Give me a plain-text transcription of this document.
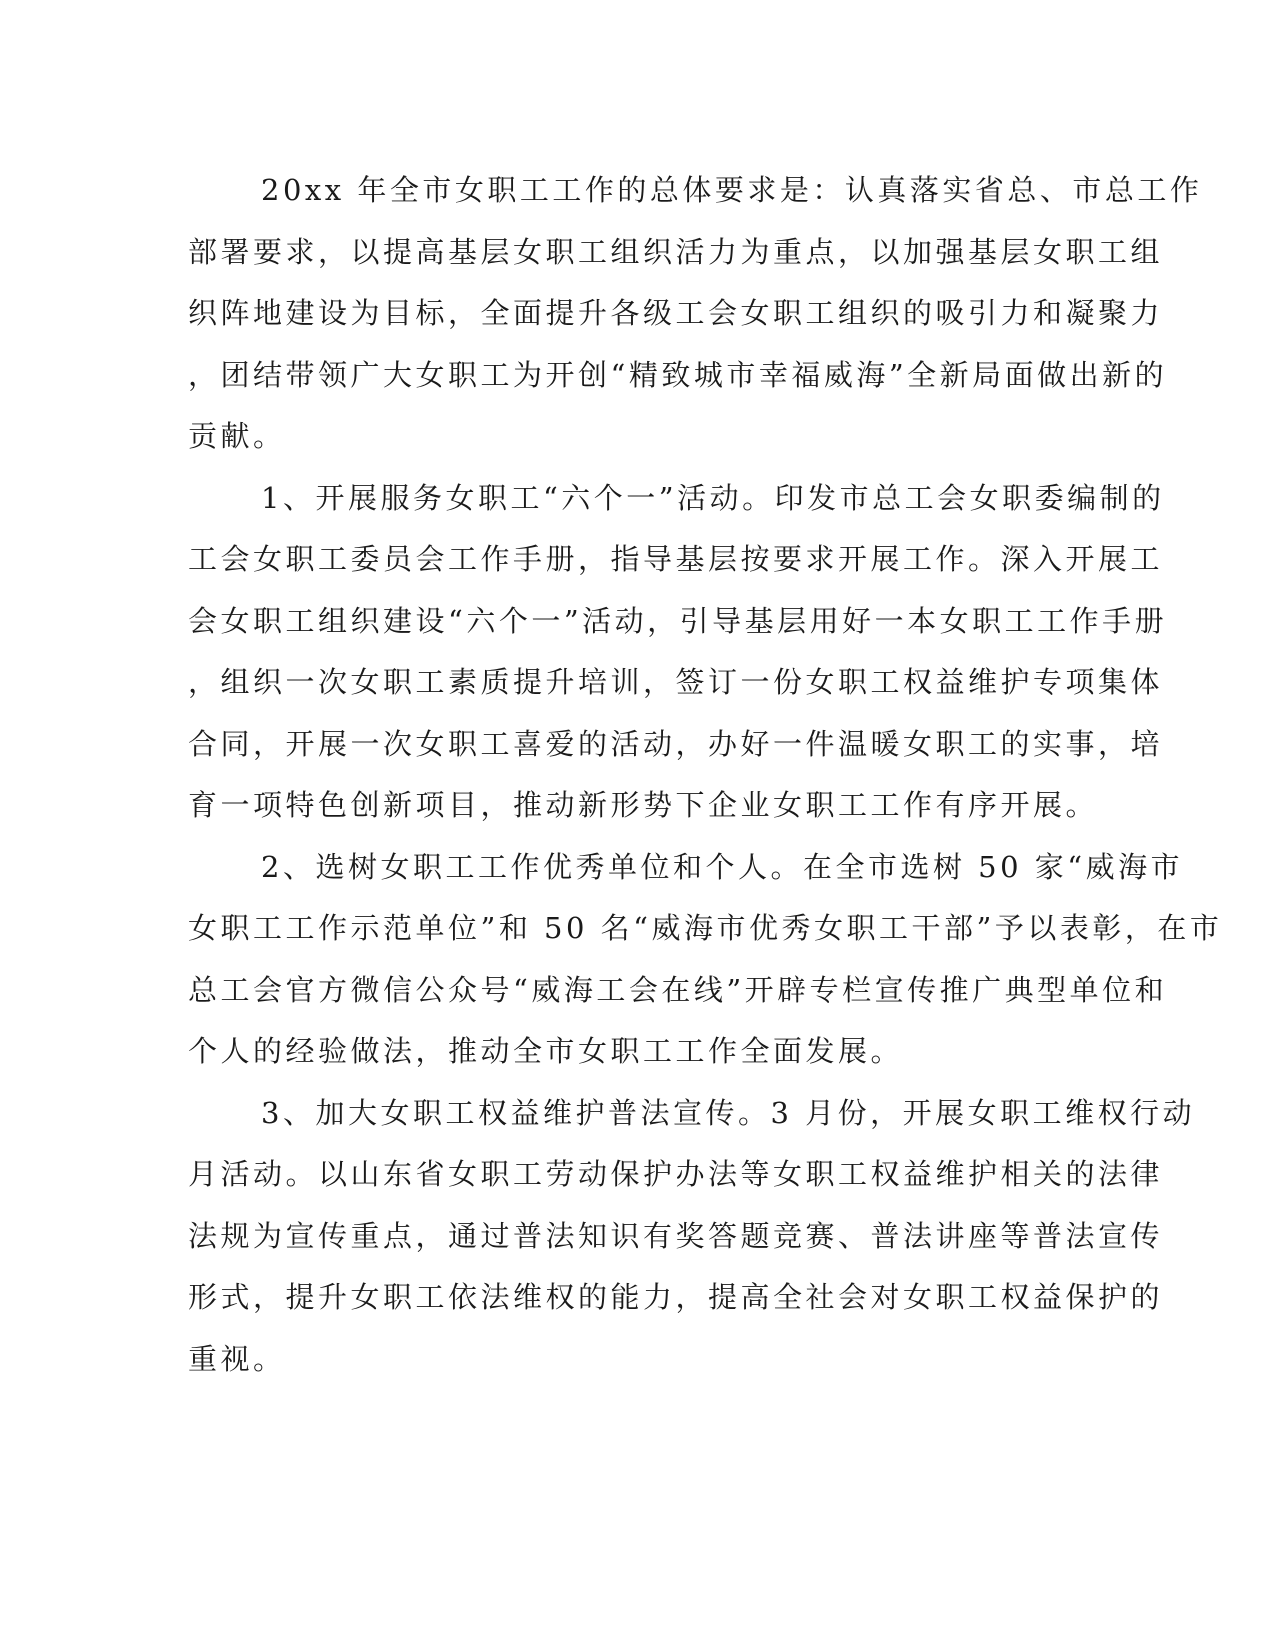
20xx 年全市女职工工作的总体要求是：认真落实省总、市总工作
部署要求，以提高基层女职工组织活力为重点，以加强基层女职工组
织阵地建设为目标，全面提升各级工会女职工组织的吸引力和凝聚力
，团结带领广大女职工为开创“精致城市幸福威海”全新局面做出新的
贡献。

1、开展服务女职工“六个一”活动。印发市总工会女职委编制的
工会女职工委员会工作手册，指导基层按要求开展工作。深入开展工
会女职工组织建设“六个一”活动，引导基层用好一本女职工工作手册
，组织一次女职工素质提升培训，签订一份女职工权益维护专项集体
合同，开展一次女职工喜爱的活动，办好一件温暖女职工的实事，培
育一项特色创新项目，推动新形势下企业女职工工作有序开展。

2、选树女职工工作优秀单位和个人。在全市选树 50 家“威海市
女职工工作示范单位”和 50 名“威海市优秀女职工干部”予以表彰，在市
总工会官方微信公众号“威海工会在线”开辟专栏宣传推广典型单位和
个人的经验做法，推动全市女职工工作全面发展。

3、加大女职工权益维护普法宣传。3 月份，开展女职工维权行动
月活动。以山东省女职工劳动保护办法等女职工权益维护相关的法律
法规为宣传重点，通过普法知识有奖答题竞赛、普法讲座等普法宣传
形式，提升女职工依法维权的能力，提高全社会对女职工权益保护的
重视。
